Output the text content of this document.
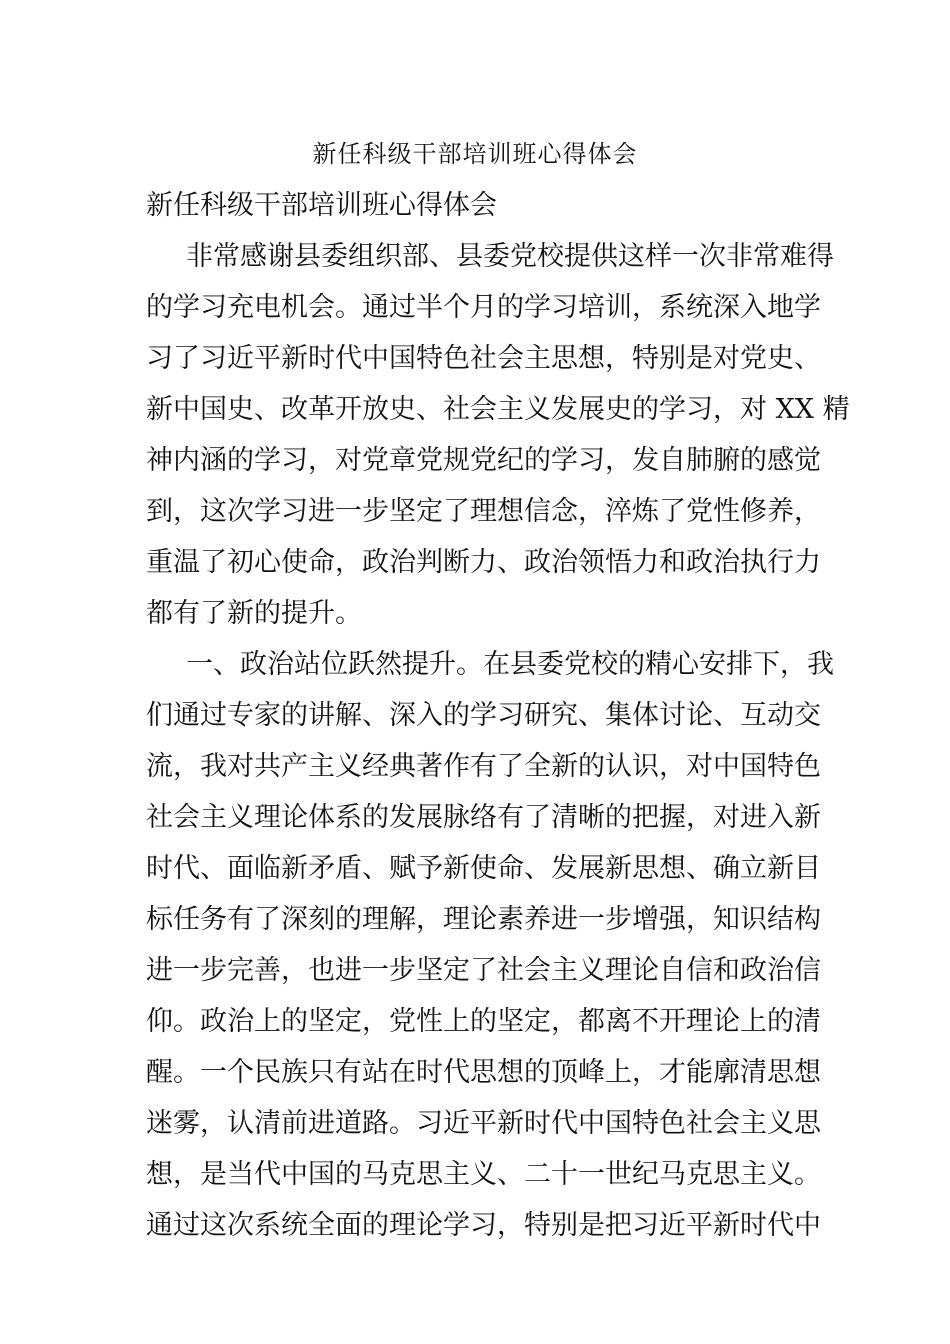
新任科级干部培训班心得体会
新任科级干部培训班心得体会
非常感谢县委组织部、县委党校提供这样一次非常难得
的学习充电机会。通过半个月的学习培训，系统深入地学
习了习近平新时代中国特色社会主思想，特别是对党史、
新中国史、改革开放史、社会主义发展史的学习，对 XX 精
神内涵的学习，对党章党规党纪的学习，发自肺腑的感觉
到，这次学习进一步坚定了理想信念，淬炼了党性修养，
重温了初心使命，政治判断力、政治领悟力和政治执行力
都有了新的提升。
一、政治站位跃然提升。在县委党校的精心安排下，我
们通过专家的讲解、深入的学习研究、集体讨论、互动交
流，我对共产主义经典著作有了全新的认识，对中国特色
社会主义理论体系的发展脉络有了清晰的把握，对进入新
时代、面临新矛盾、赋予新使命、发展新思想、确立新目
标任务有了深刻的理解，理论素养进一步增强，知识结构
进一步完善，也进一步坚定了社会主义理论自信和政治信
仰。政治上的坚定，党性上的坚定，都离不开理论上的清
醒。一个民族只有站在时代思想的顶峰上，才能廓清思想
迷雾，认清前进道路。习近平新时代中国特色社会主义思
想，是当代中国的马克思主义、二十一世纪马克思主义。
通过这次系统全面的理论学习，特别是把习近平新时代中
